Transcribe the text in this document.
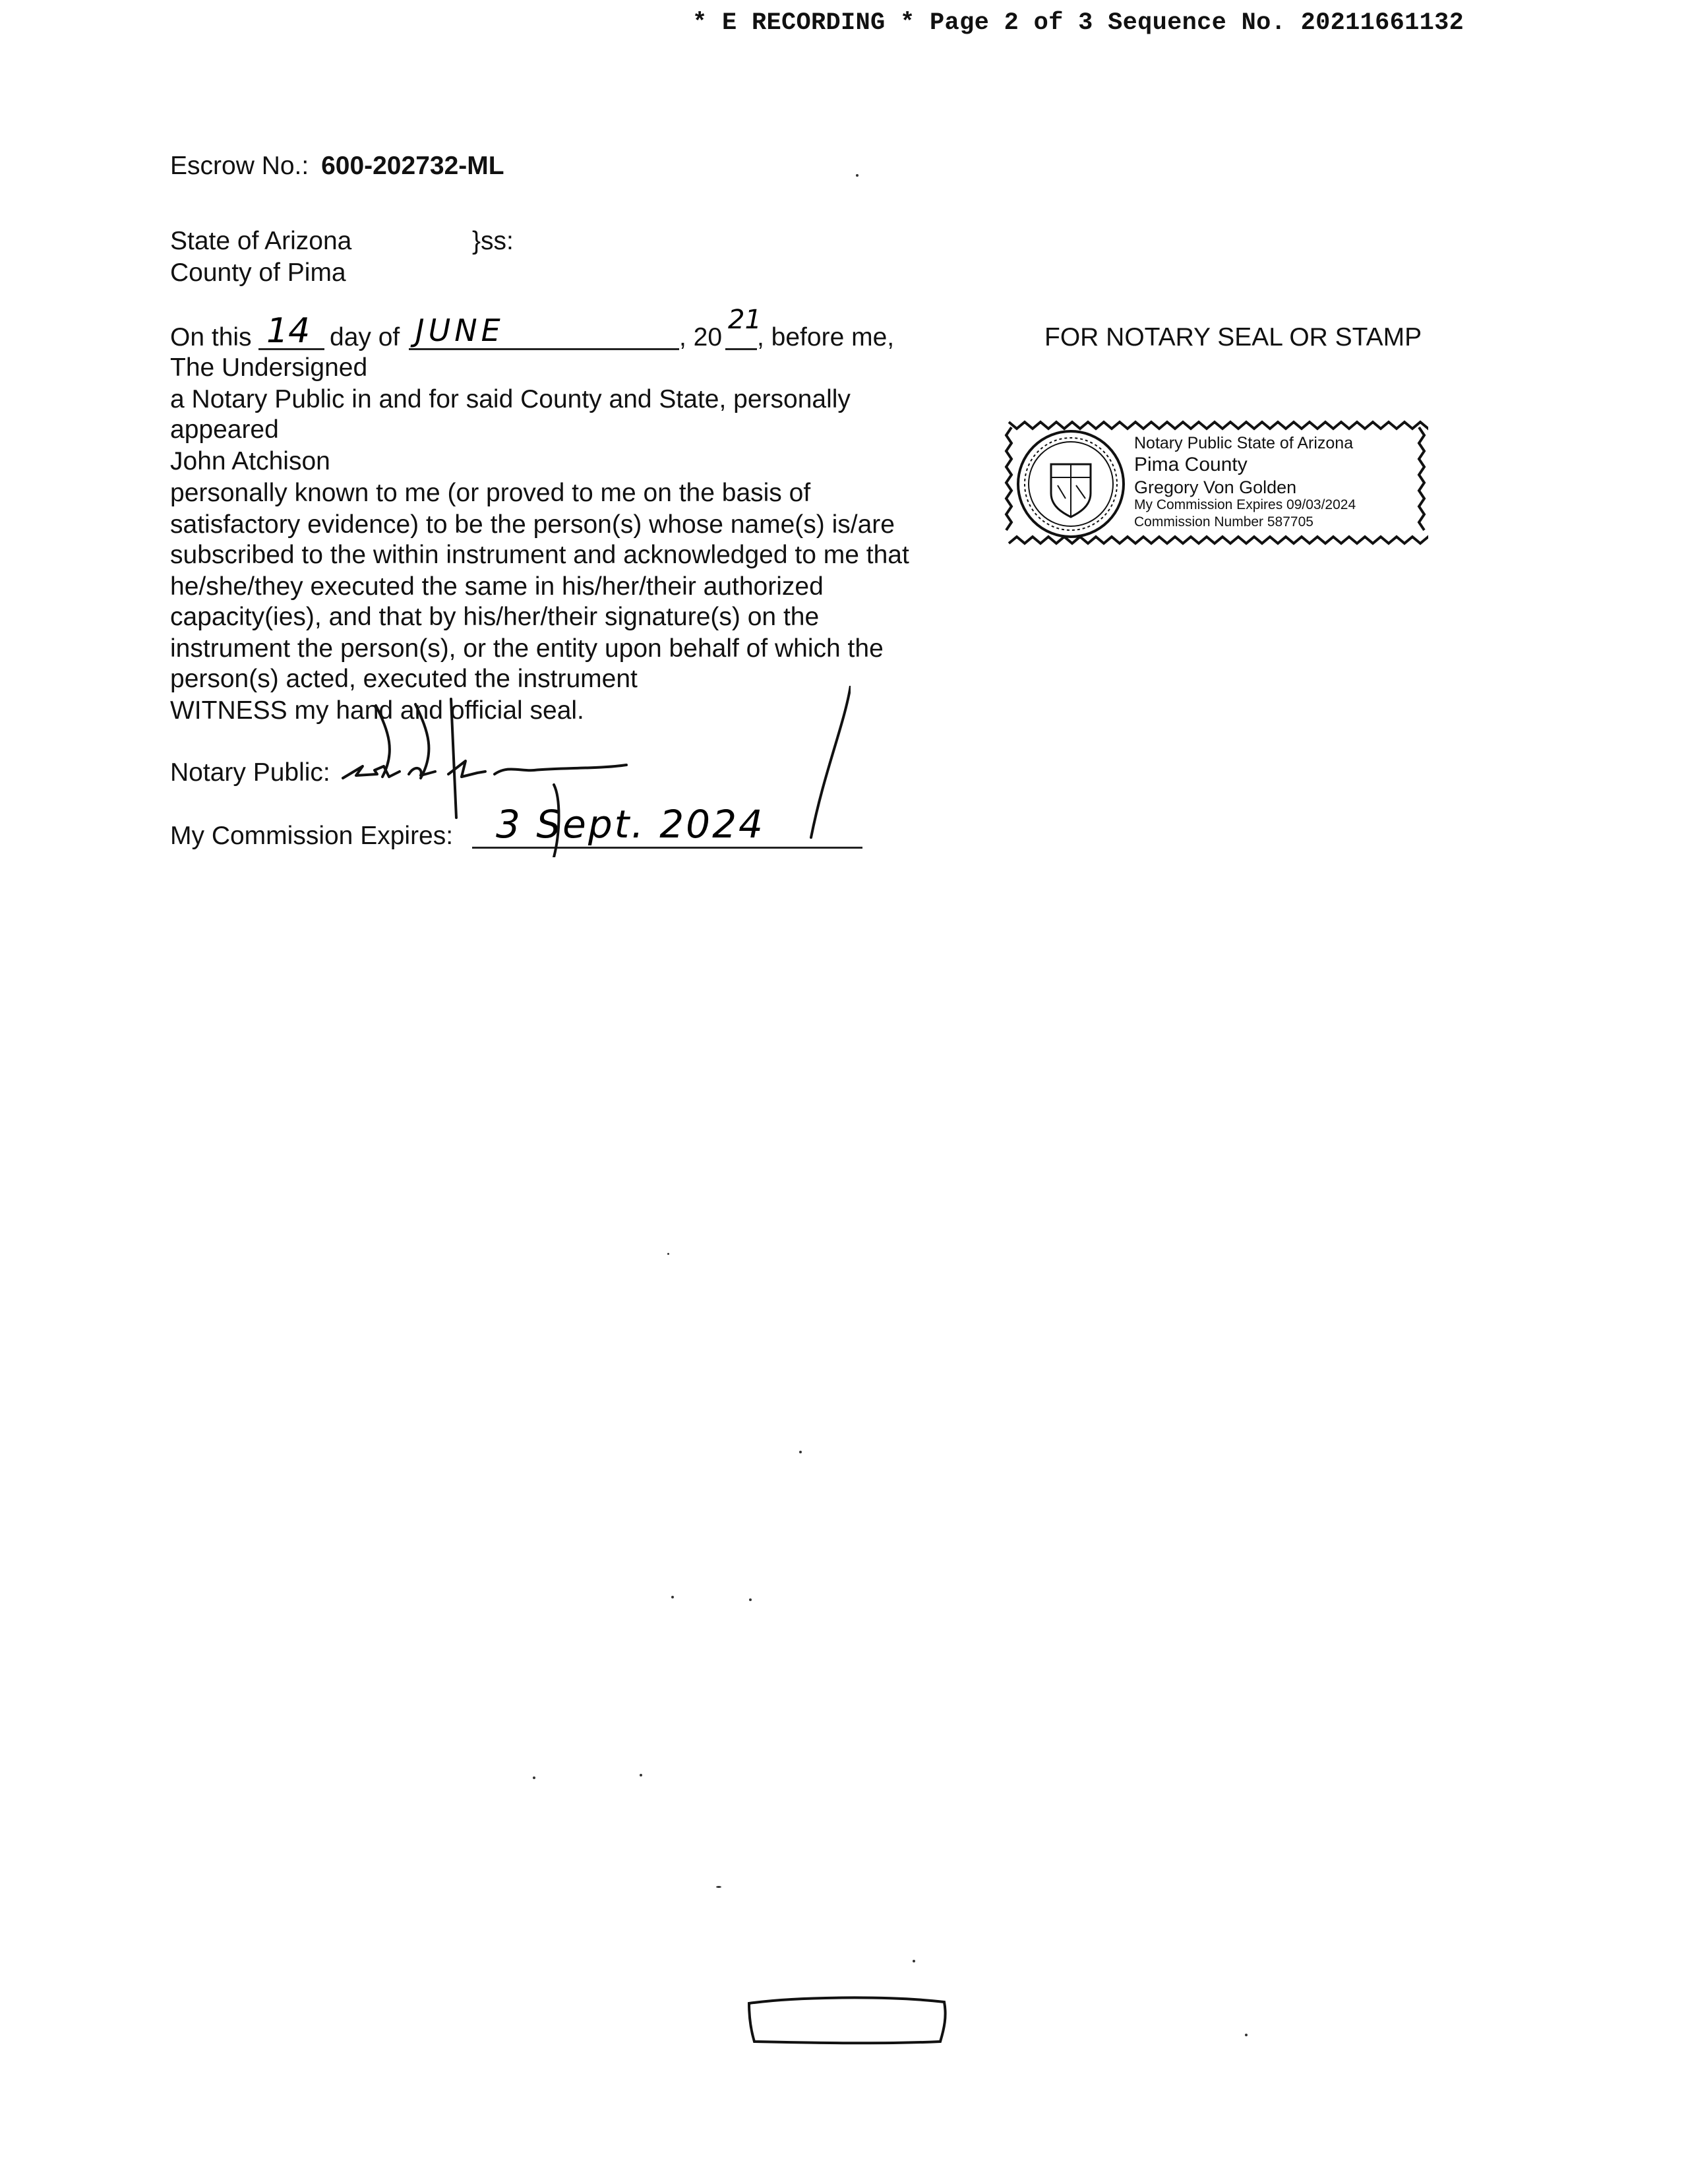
* E RECORDING * Page 2 of 3 Sequence No. 20211661132
Escrow No.: 600-202732-ML
State of Arizona	}ss:
County of Pima
On this 14 day of JUNE	, 20
21
, before me,	FOR NOTARY SEAL OR STAMP
The Undersigned
a Notary Public in and for said County and State, personally
appeared
John Atchison
personally known to me (or proved to me on the basis of
satisfactory evidence) to be the person(s) whose name(s) is/are
subscribed to the within instrument and acknowledged to me that
he/she/they executed the same in his/her/their authorized
capacity(ies), and that by his/her/their signature(s) on the
instrument the person(s), or the entity upon behalf of which the
person(s) acted, executed the instrument
WITNESS my hand and official seal.
Notary Public:
My Commission Expires: 3 Sept. 2024
Notary Public State of Arizona
Pima County
Gregory Von Golden
My Commission Expires 09/03/2024
Commission Number 587705
